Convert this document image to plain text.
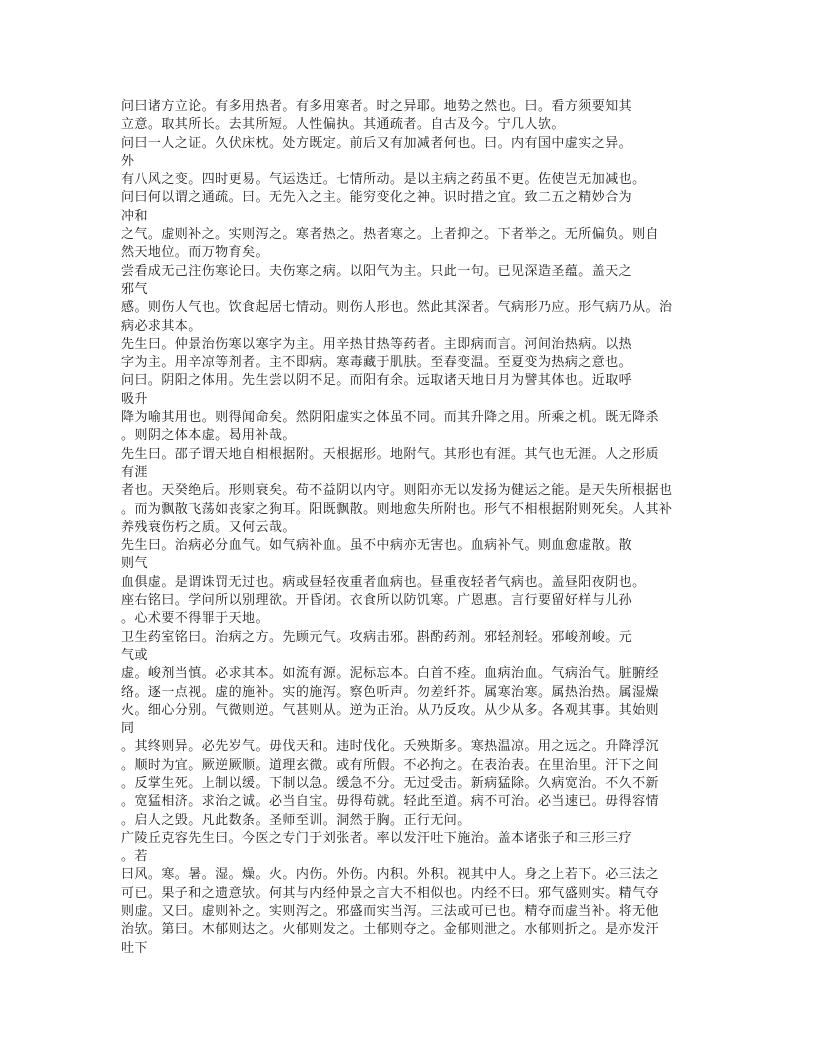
问曰诸方立论。有多用热者。有多用寒者。时之异耶。地势之然也。曰。看方须要知其
立意。取其所长。去其所短。人性偏执。其通疏者。自古及今。宁几人欤。
问曰一人之证。久伏床枕。处方既定。前后又有加减者何也。曰。内有国中虚实之异。
外
有八风之变。四时更易。气运迭迁。七情所动。是以主病之药虽不更。佐使岂无加减也。
问曰何以谓之通疏。曰。无先入之主。能穷变化之神。识时措之宜。致二五之精妙合为
冲和
之气。虚则补之。实则泻之。寒者热之。热者寒之。上者抑之。下者举之。无所偏负。则自
然天地位。而万物育矣。
尝看成无己注伤寒论曰。夫伤寒之病。以阳气为主。只此一句。已见深造圣蕴。盖天之
邪气
感。则伤人气也。饮食起居七情动。则伤人形也。然此其深者。气病形乃应。形气病乃从。治
病必求其本。
先生曰。仲景治伤寒以寒字为主。用辛热甘热等药者。主即病而言。河间治热病。以热
字为主。用辛凉等剂者。主不即病。寒毒藏于肌肤。至春变温。至夏变为热病之意也。
问曰。阴阳之体用。先生尝以阴不足。而阳有余。远取诸天地日月为譬其体也。近取呼
吸升
降为喻其用也。则得闻命矣。然阴阳虚实之体虽不同。而其升降之用。所乘之机。既无降杀
。则阴之体本虚。曷用补哉。
先生曰。邵子谓天地自相根据附。天根据形。地附气。其形也有涯。其气也无涯。人之形质
有涯
者也。天癸绝后。形则衰矣。苟不益阴以内守。则阳亦无以发扬为健运之能。是天失所根据也
。而为飘散飞荡如丧家之狗耳。阳既飘散。则地愈失所附也。形气不相根据附则死矣。人其补
养残衰伤朽之质。又何云哉。
先生曰。治病必分血气。如气病补血。虽不中病亦无害也。血病补气。则血愈虚散。散
则气
血俱虚。是谓诛罚无过也。病或昼轻夜重者血病也。昼重夜轻者气病也。盖昼阳夜阴也。
座右铭曰。学问所以别理欲。开昏闭。衣食所以防饥寒。广恩惠。言行要留好样与儿孙
。心术要不得罪于天地。
卫生药室铭曰。治病之方。先顾元气。攻病击邪。斟酌药剂。邪轻剂轻。邪峻剂峻。元
气或
虚。峻剂当慎。必求其本。如流有源。泥标忘本。白首不痊。血病治血。气病治气。脏腑经
络。逐一点视。虚的施补。实的施泻。察色听声。勿差纤芥。属寒治寒。属热治热。属湿燥
火。细心分别。气微则逆。气甚则从。逆为正治。从乃反攻。从少从多。各观其事。其始则
同
。其终则异。必先岁气。毋伐天和。违时伐化。夭殃斯多。寒热温凉。用之远之。升降浮沉
。顺时为宜。厥逆厥顺。道理玄微。或有所假。不必拘之。在表治表。在里治里。汗下之间
。反掌生死。上制以缓。下制以急。缓急不分。无过受击。新病猛除。久病宽治。不久不新
。宽猛相济。求治之诚。必当自宝。毋得苟就。轻此至道。病不可治。必当速已。毋得容情
。启人之毁。凡此数条。圣师至训。洞然于胸。正行无问。
广陵丘克容先生曰。今医之专门于刘张者。率以发汗吐下施治。盖本诸张子和三形三疗
。若
曰风。寒。暑。湿。燥。火。内伤。外伤。内积。外积。视其中人。身之上若下。必三法之
可已。果子和之遗意欤。何其与内经仲景之言大不相似也。内经不曰。邪气盛则实。精气夺
则虚。又曰。虚则补之。实则泻之。邪盛而实当泻。三法或可已也。精夺而虚当补。将无他
治欤。第曰。木郁则达之。火郁则发之。土郁则夺之。金郁则泄之。水郁则折之。是亦发汗
吐下
